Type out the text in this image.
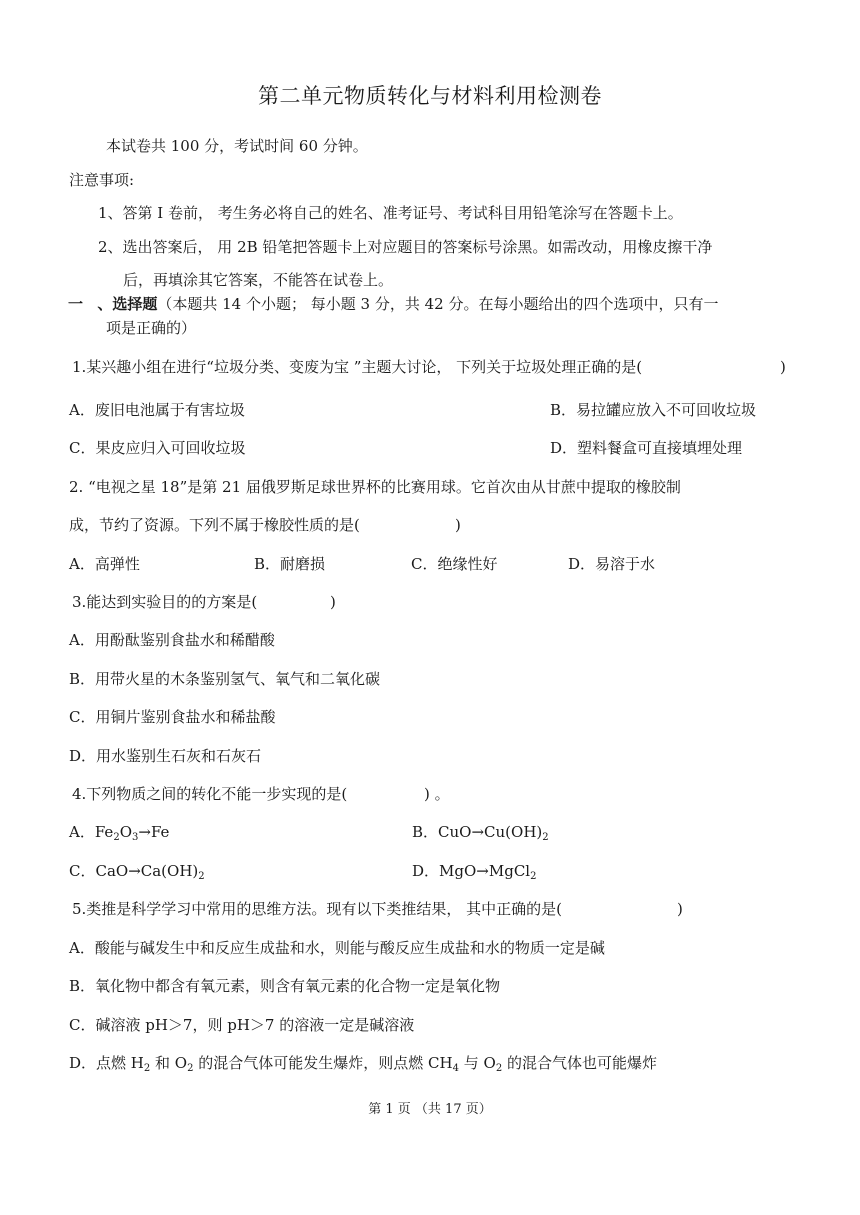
第二单元物质转化与材料利用检测卷
本试卷共 100 分，考试时间 60 分钟。
注意事项:
1、答第 I 卷前， 考生务必将自己的姓名、准考证号、考试科目用铅笔涂写在答题卡上。
2、选出答案后， 用 2B 铅笔把答题卡上对应题目的答案标号涂黑。如需改动，用橡皮擦干净
后，再填涂其它答案，不能答在试卷上。
一 、选择题（本题共 14 个小题； 每小题 3 分，共 42 分。在每小题给出的四个选项中，只有一
项是正确的）
1.某兴趣小组在进行“垃圾分类、变废为宝 ”主题大讨论， 下列关于垃圾处理正确的是(	)
A．废旧电池属于有害垃圾	B．易拉罐应放入不可回收垃圾
C．果皮应归入可回收垃圾	D．塑料餐盒可直接填埋处理
2. “电视之星 18”是第 21 届俄罗斯足球世界杯的比赛用球。它首次由从甘蔗中提取的橡胶制
成，节约了资源。下列不属于橡胶性质的是(	)
A．高弹性	B．耐磨损	C．绝缘性好	D．易溶于水
3.能达到实验目的的方案是(	)
A．用酚酞鉴别食盐水和稀醋酸
B．用带火星的木条鉴别氢气、氧气和二氧化碳
C．用铜片鉴别食盐水和稀盐酸
D．用水鉴别生石灰和石灰石
4.下列物质之间的转化不能一步实现的是(	) 。
A．$Fe_2O_3\to Fe$	B．$CuO\to Cu(OH)_2$
C．$CaO\to Ca(OH)_2$	D．MgO→MgCl$_2$
5.类推是科学学习中常用的思维方法。现有以下类推结果， 其中正确的是(	)
A．酸能与碱发生中和反应生成盐和水，则能与酸反应生成盐和水的物质一定是碱
B．氧化物中都含有氧元素，则含有氧元素的化合物一定是氧化物
C．碱溶液 pH＞7，则 pH＞7 的溶液一定是碱溶液
D．点燃 $H_2$ 和 $O_2$ 的混合气体可能发生爆炸，则点燃 $CH_4$ 与 $O_2$ 的混合气体也可能爆炸
第 1 页 （共 17 页）
